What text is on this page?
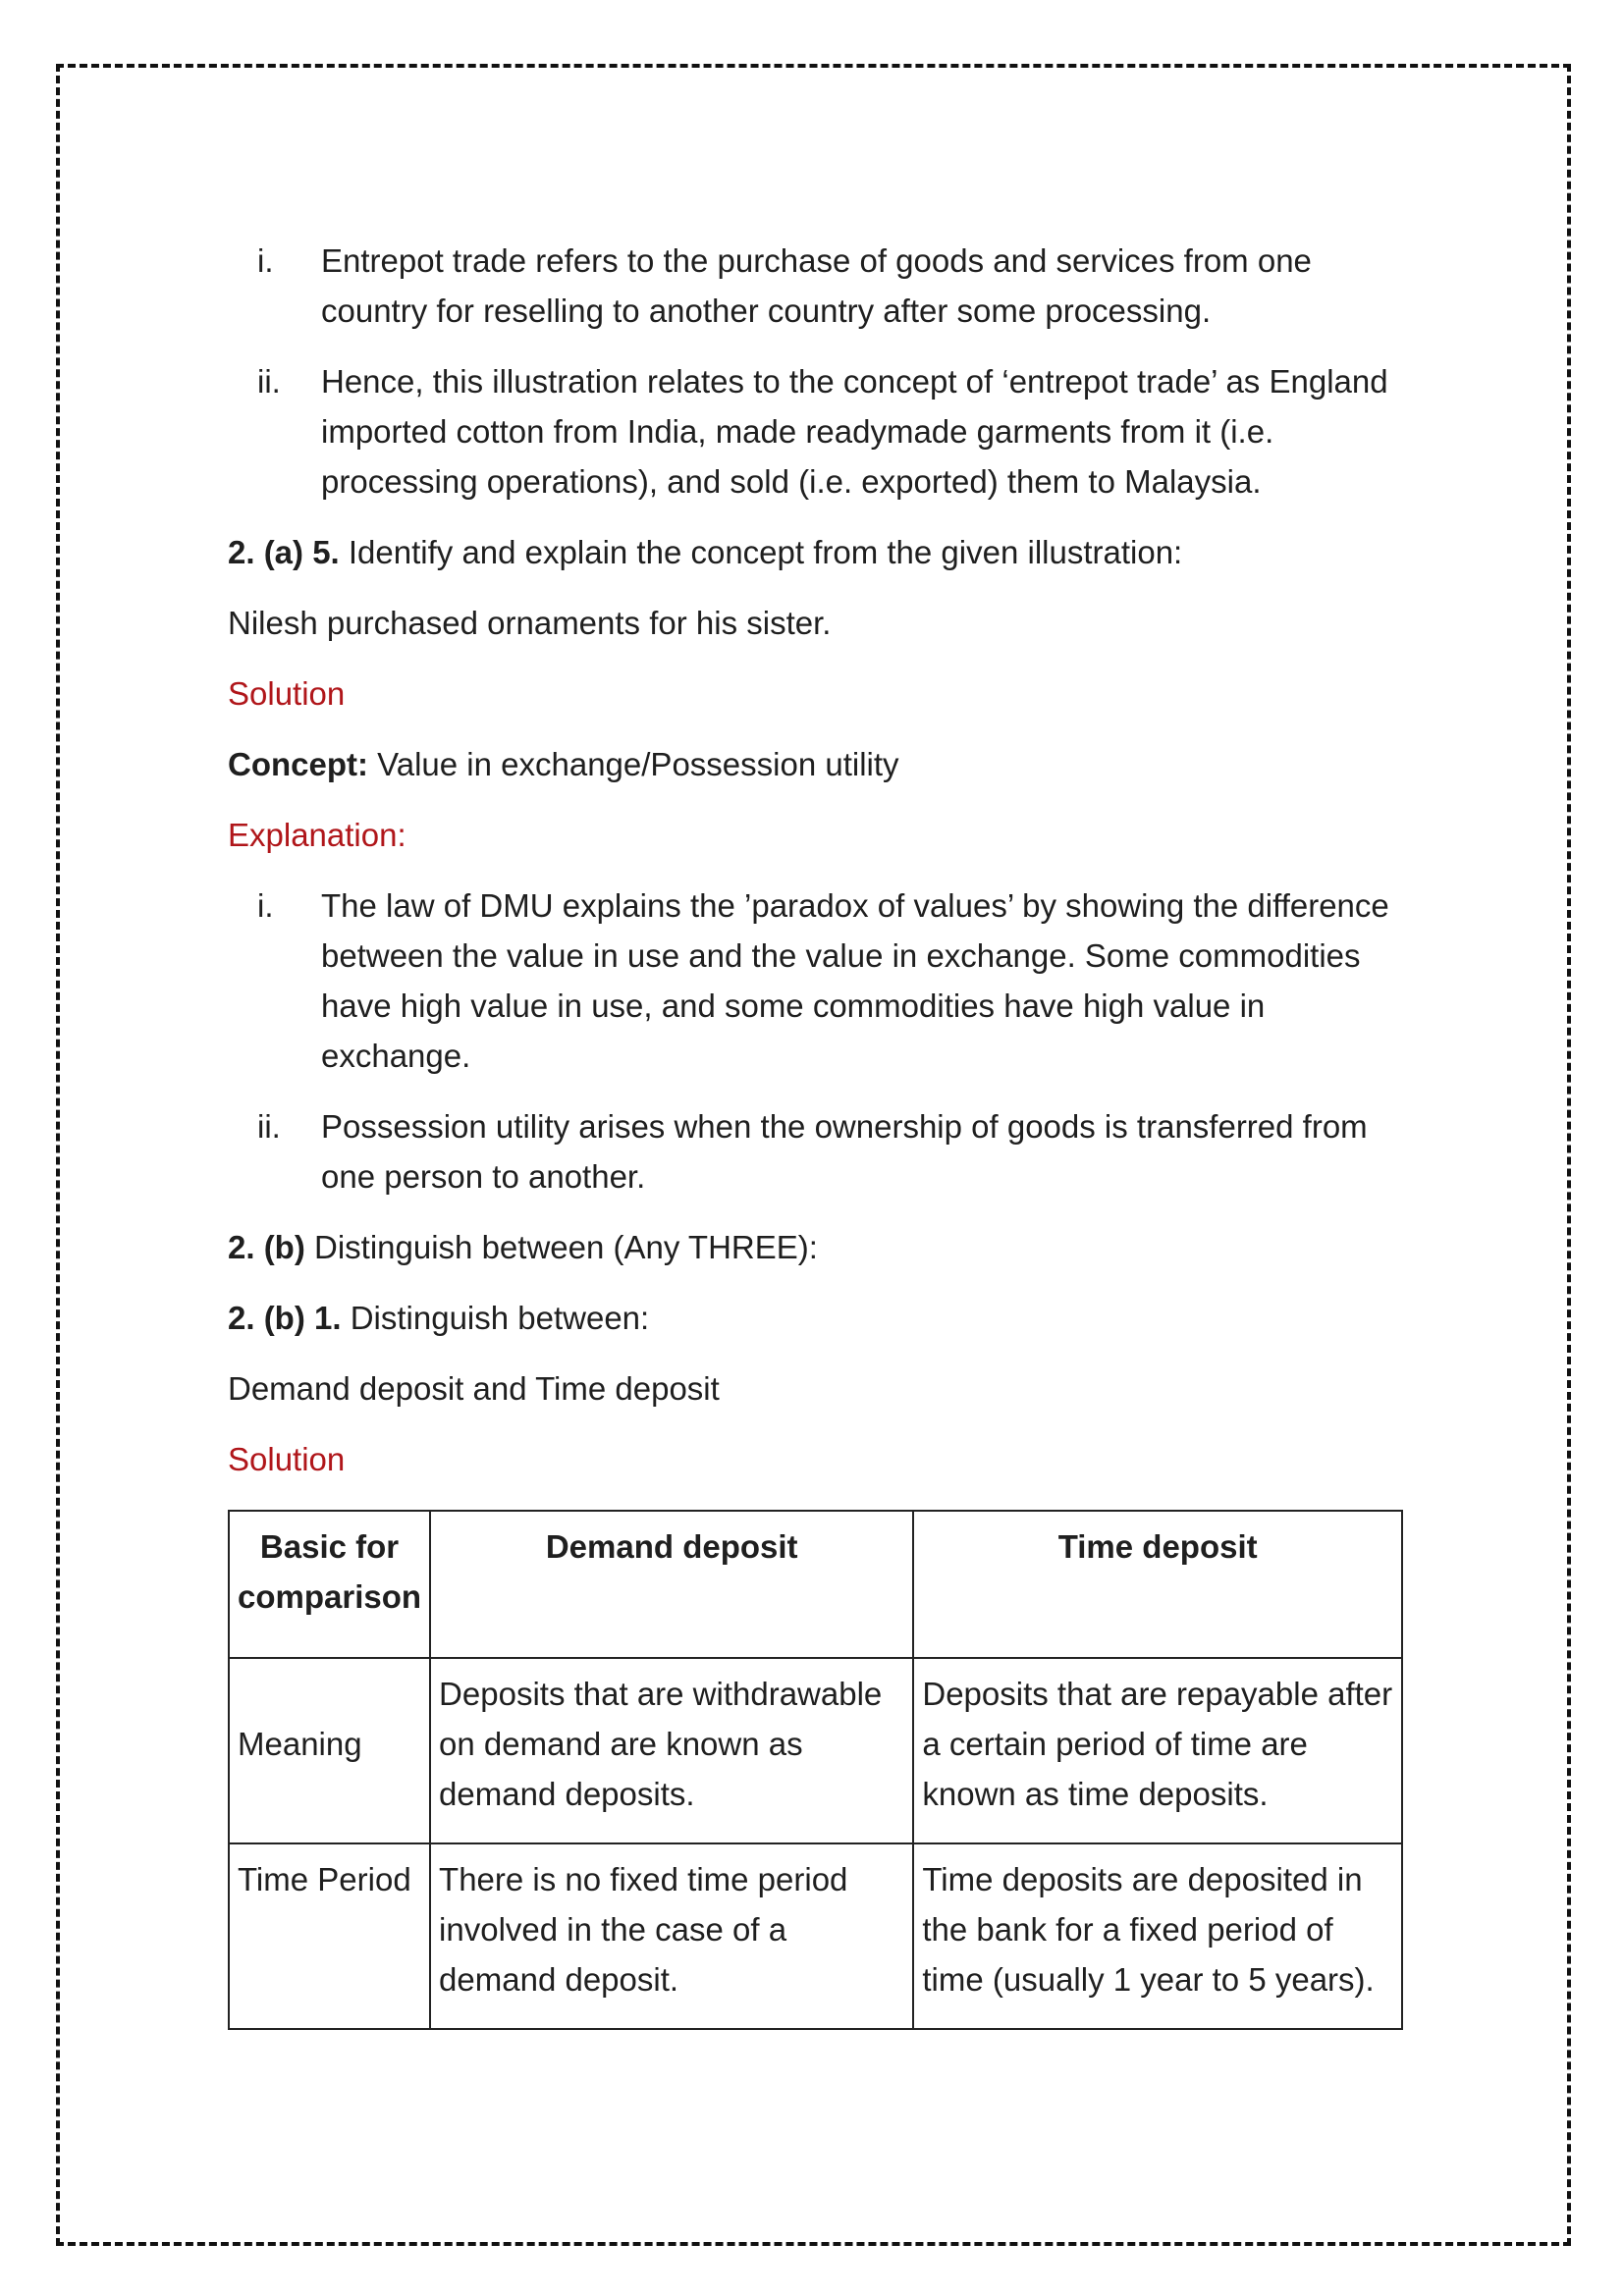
i.	Entrepot trade refers to the purchase of goods and services from one country for reselling to another country after some processing.
ii.	Hence, this illustration relates to the concept of ‘entrepot trade’ as England imported cotton from India, made readymade garments from it (i.e. processing operations), and sold (i.e. exported) them to Malaysia.

2. (a) 5. Identify and explain the concept from the given illustration:

Nilesh purchased ornaments for his sister.

Solution

Concept: Value in exchange/Possession utility

Explanation:

i.	The law of DMU explains the ’paradox of values’ by showing the difference between the value in use and the value in exchange. Some commodities have high value in use, and some commodities have high value in exchange.
ii.	Possession utility arises when the ownership of goods is transferred from one person to another.

2. (b) Distinguish between (Any THREE):

2. (b) 1. Distinguish between:

Demand deposit and Time deposit

Solution

Basic for comparison	Demand deposit	Time deposit
Meaning	Deposits that are withdrawable on demand are known as demand deposits.	Deposits that are repayable after a certain period of time are known as time deposits.
Time Period	There is no fixed time period involved in the case of a demand deposit.	Time deposits are deposited in the bank for a fixed period of time (usually 1 year to 5 years).
